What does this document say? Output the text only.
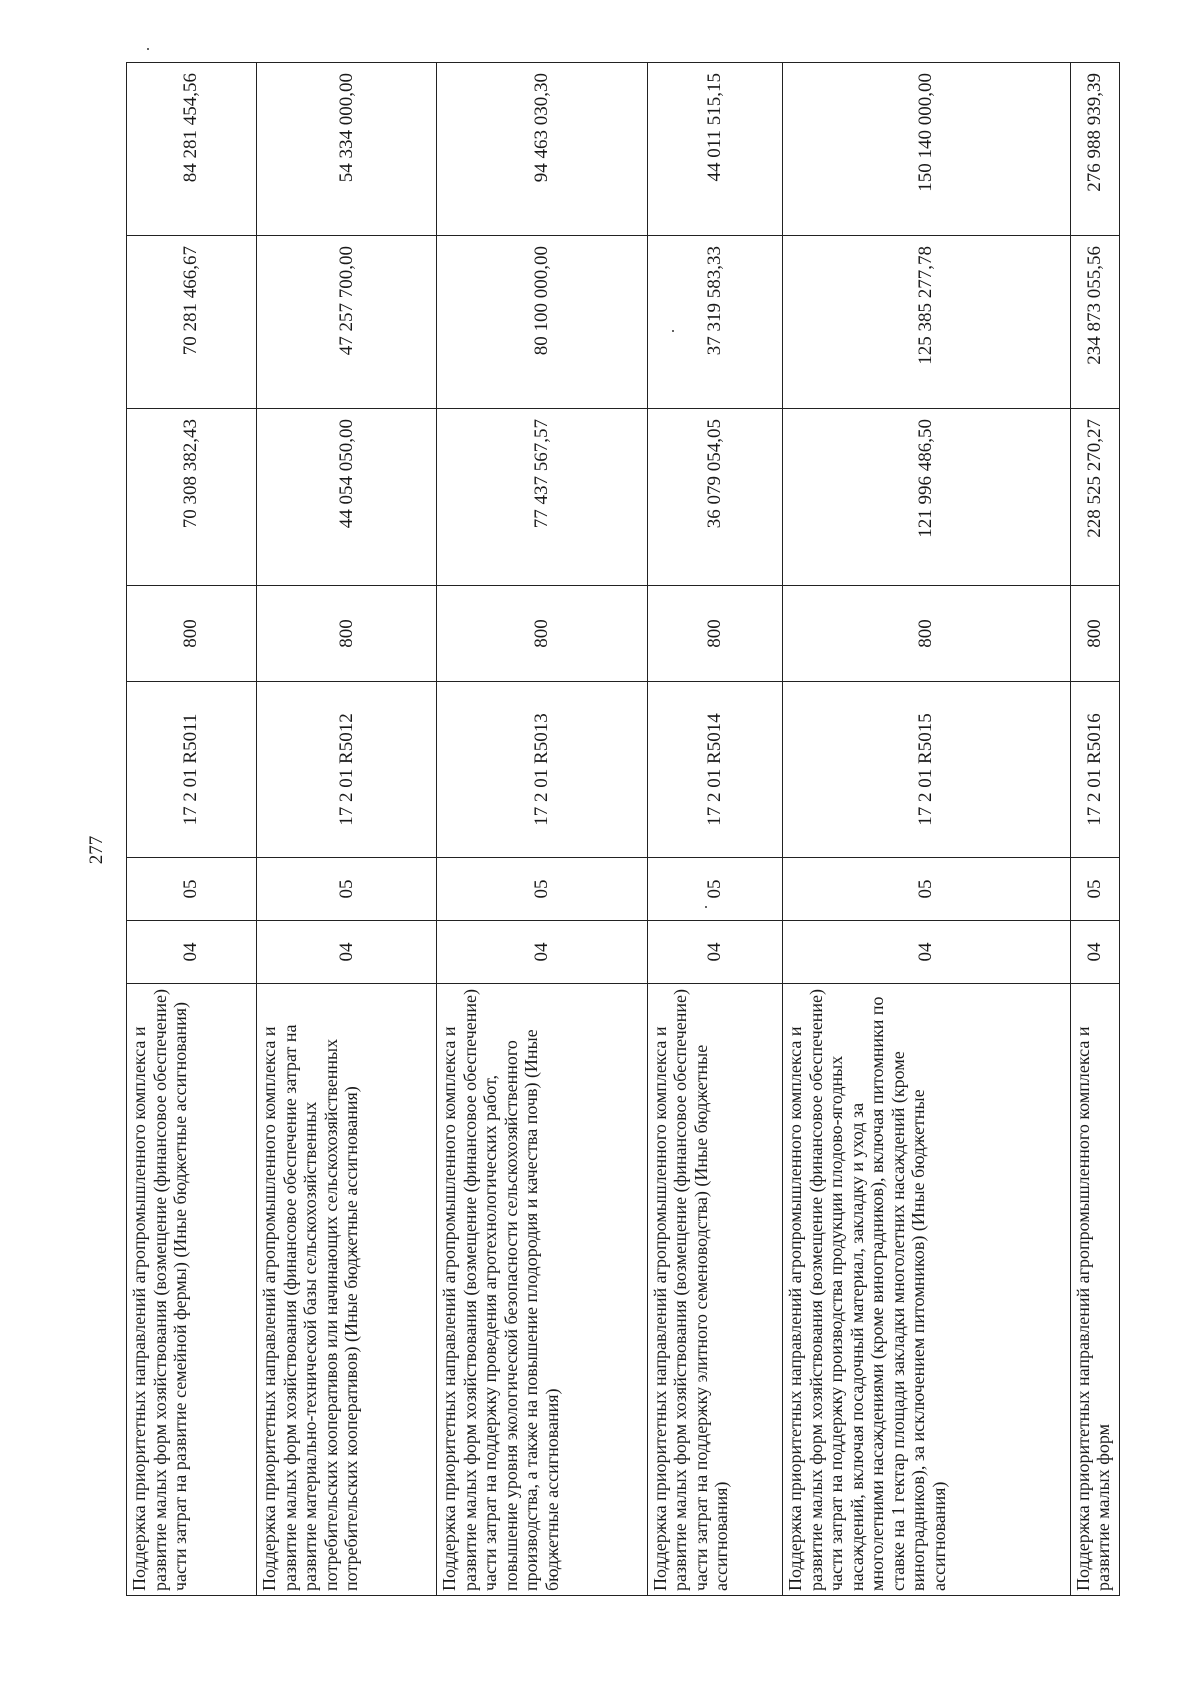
277
Поддержка приоритетных направлений агропромышленного комплекса и развитие малых форм хозяйствования (возмещение (финансовое обеспечение) части затрат на развитие семейной фермы) (Иные бюджетные ассигнования)	04	05	17 2 01 R5011	800	70 308 382,43	70 281 466,67	84 281 454,56
Поддержка приоритетных направлений агропромышленного комплекса и развитие малых форм хозяйствования (финансовое обеспечение затрат на развитие материально-технической базы сельскохозяйственных потребительских кооперативов или начинающих сельскохозяйственных потребительских кооперативов) (Иные бюджетные ассигнования)	04	05	17 2 01 R5012	800	44 054 050,00	47 257 700,00	54 334 000,00
Поддержка приоритетных направлений агропромышленного комплекса и развитие малых форм хозяйствования (возмещение (финансовое обеспечение) части затрат на поддержку проведения агротехнологических работ, повышение уровня экологической безопасности сельскохозяйственного производства, а также на повышение плодородия и качества почв) (Иные бюджетные ассигнования)	04	05	17 2 01 R5013	800	77 437 567,57	80 100 000,00	94 463 030,30
Поддержка приоритетных направлений агропромышленного комплекса и развитие малых форм хозяйствования (возмещение (финансовое обеспечение) части затрат на поддержку элитного семеноводства) (Иные бюджетные ассигнования)	04	05	17 2 01 R5014	800	36 079 054,05	37 319 583,33	44 011 515,15
Поддержка приоритетных направлений агропромышленного комплекса и развитие малых форм хозяйствования (возмещение (финансовое обеспечение) части затрат на поддержку производства продукции плодово-ягодных насаждений, включая посадочный материал, закладку и уход за многолетними насаждениями (кроме виноградников), включая питомники по ставке на 1 гектар площади закладки многолетних насаждений (кроме виноградников), за исключением питомников) (Иные бюджетные ассигнования)	04	05	17 2 01 R5015	800	121 996 486,50	125 385 277,78	150 140 000,00
Поддержка приоритетных направлений агропромышленного комплекса и развитие малых форм	04	05	17 2 01 R5016	800	228 525 270,27	234 873 055,56	276 988 939,39
